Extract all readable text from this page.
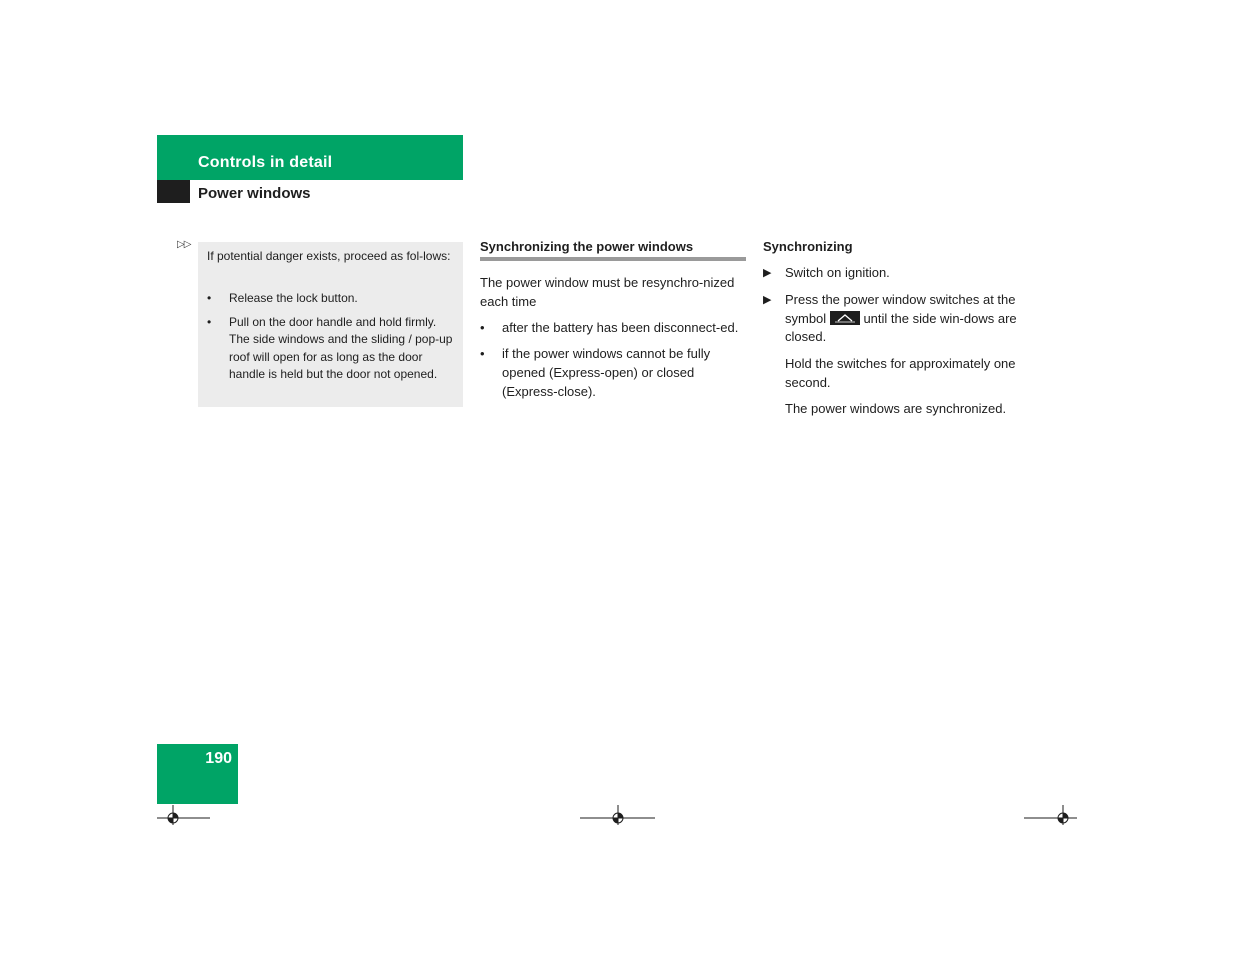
Controls in detail
Power windows
▷▷
If potential danger exists, proceed as fol-lows:
• Release the lock button.
• Pull on the door handle and hold firmly. The side windows and the sliding / pop-up roof will open for as long as the door handle is held but the door not opened.
Synchronizing the power windows
The power window must be resynchro-nized each time
• after the battery has been disconnect-ed.
• if the power windows cannot be fully opened (Express-open) or closed (Express-close).
Synchronizing
▶	Switch on ignition.
▶	Press the power window switches at the symbol	until the side win-dows are closed.
Hold the switches for approximately one second.
The power windows are synchronized.
190
